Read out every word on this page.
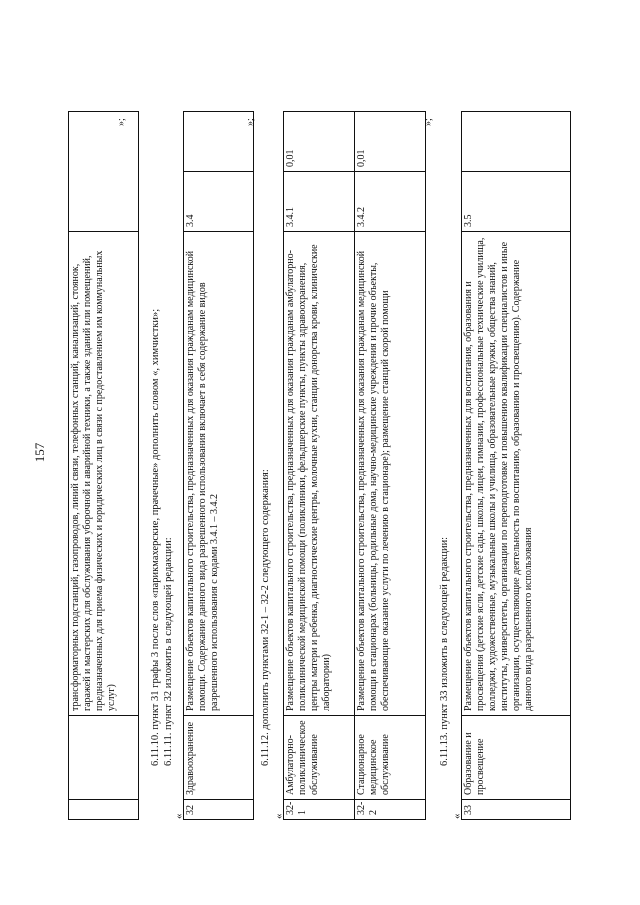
157
		трансформаторных подстанций, газопроводов, линий связи, телефонных станций, канализаций, стоянок, гаражей и мастерских для обслуживания уборочной и аварийной техники, а также зданий или помещений, предназначенных для приема физических и юридических лиц в связи с предоставлением им коммунальных услуг)	
»;
6.11.10. пункт 31 графы 3 после слов «парикмахерские, прачечные» дополнить словом «, химчистки»; 6.11.11. пункт 32 изложить в следующей редакции:
«
32	Здравоохранение	Размещение объектов капитального строительства, предназначенных для оказания гражданам медицинской помощи. Содержание данного вида разрешенного использования включает в себя содержание видов разрешенного использования с кодами 3.4.1 – 3.4.2	3.4	
»;
6.11.12. дополнить пунктами 32-1 – 32-2 следующего содержания:
«
32-1	Амбулаторно-поликлиническое обслуживание	Размещение объектов капитального строительства, предназначенных для оказания гражданам амбулаторно-поликлинической медицинской помощи (поликлиники, фельдшерские пункты, пункты здравоохранения, центры матери и ребенка, диагностические центры, молочные кухни, станции донорства крови, клинические лаборатории)	3.4.1	0,01
32-2	Стационарное медицинское обслуживание	Размещение объектов капитального строительства, предназначенных для оказания гражданам медицинской помощи в стационарах (больницы, родильные дома, научно-медицинские учреждения и прочие объекты, обеспечивающие оказание услуги по лечению в стационаре); размещение станций скорой помощи	3.4.2	0,01
»;
6.11.13. пункт 33 изложить в следующей редакции:
«
33	Образование и просвещение	Размещение объектов капитального строительства, предназначенных для воспитания, образования и просвещения (детские ясли, детские сады, школы, лицеи, гимназии, профессиональные технические училища, колледжи, художественные, музыкальные школы и училища, образовательные кружки, общества знаний, институты, университеты, организации по переподготовке и повышению квалификации специалистов и иные организации, осуществляющие деятельность по воспитанию, образованию и просвещению). Содержание данного вида разрешенного использования	3.5	
